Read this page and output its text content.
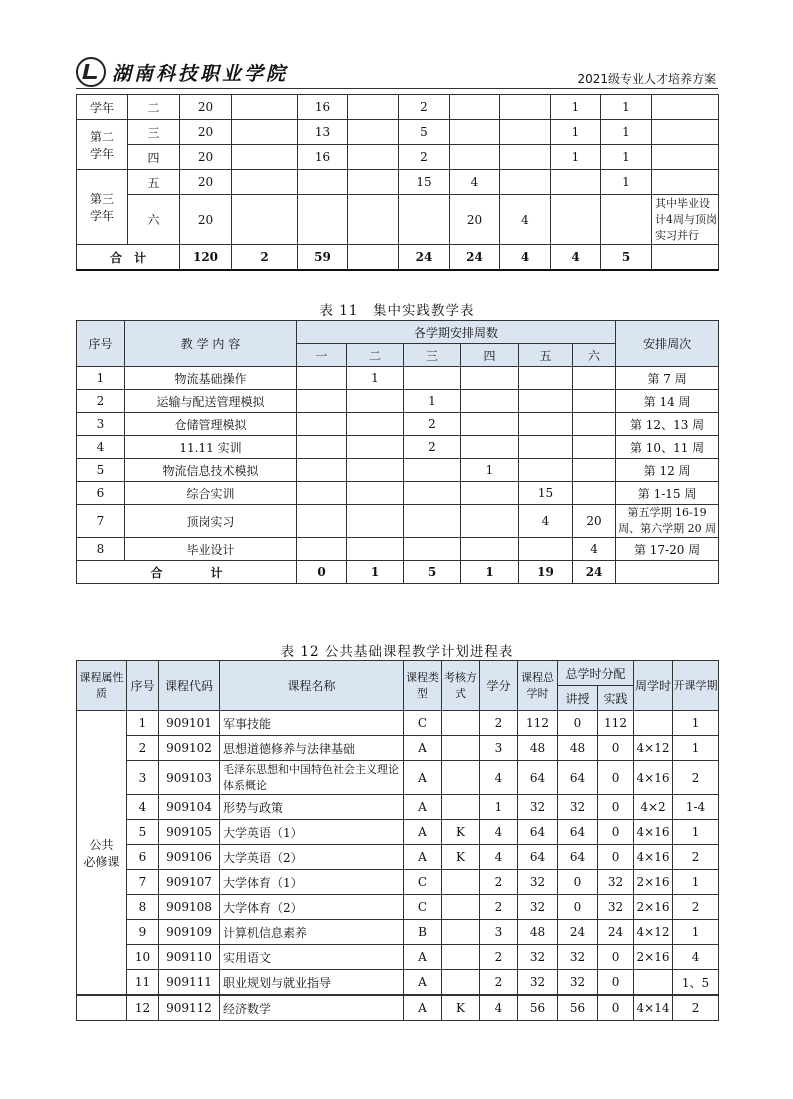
湖南科技职业学院	2021级专业人才培养方案
学年	二	20		16		2			1	1	
第二
学年	三	20		13		5			1	1	
	四	20		16		2			1	1	
第三
学年	五	20				15	4			1	
	六	20					20	4			其中毕业设计4周与顶岗实习并行
合　计		120	2	59		24	24	4	4	5	
表 11　集中实践教学表
序号	教 学 内 容	各学期安排周数						安排周次
		一	二	三	四	五	六	
1	物流基础操作		1					第 7 周
2	运输与配送管理模拟			1				第 14 周
3	仓储管理模拟			2				第 12、13 周
4	11.11 实训			2				第 10、11 周
5	物流信息技术模拟				1			第 12 周
6	综合实训					15		第 1-15 周
7	顶岗实习					4	20	第五学期 16-19 周、第六学期 20 周
8	毕业设计						4	第 17-20 周
合　　　　计		0	1	5	1	19	24	
表 12 公共基础课程教学计划进程表
课程属性质	序号	课程代码	课程名称	课程类型	考核方式	学分	课程总学时	总学时分配		周学时	开课学期
								讲授	实践		
公共
必修课	1	909101	军事技能	C		2	112	0	112		1
	2	909102	思想道德修养与法律基础	A		3	48	48	0	4×12	1
	3	909103	毛泽东思想和中国特色社会主义理论体系概论	A		4	64	64	0	4×16	2
	4	909104	形势与政策	A		1	32	32	0	4×2	1-4
	5	909105	大学英语（1）	A	K	4	64	64	0	4×16	1
	6	909106	大学英语（2）	A	K	4	64	64	0	4×16	2
	7	909107	大学体育（1）	C		2	32	0	32	2×16	1
	8	909108	大学体育（2）	C		2	32	0	32	2×16	2
	9	909109	计算机信息素养	B		3	48	24	24	4×12	1
	10	909110	实用语文	A		2	32	32	0	2×16	4
	11	909111	职业规划与就业指导	A		2	32	32	0		1、5
	12	909112	经济数学	A	K	4	56	56	0	4×14	2
